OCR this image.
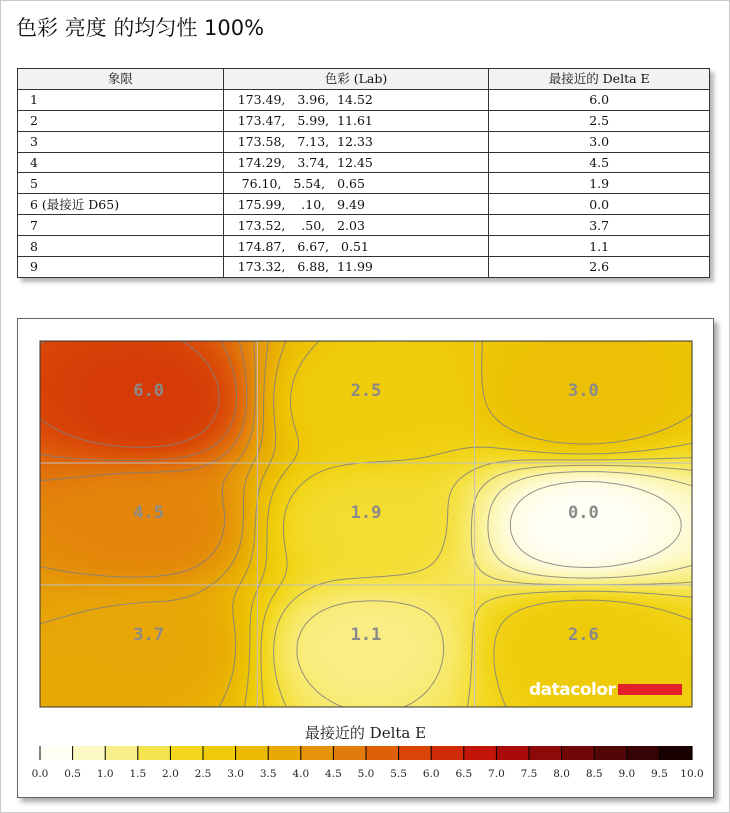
色彩 亮度 的均匀性 100%
象限	色彩 (Lab)	最接近的 Delta E
1	173.49,   3.96,  14.52	6.0
2	173.47,   5.99,  11.61	2.5
3	173.58,   7.13,  12.33	3.0
4	174.29,   3.74,  12.45	4.5
5	76.10,   5.54,   0.65	1.9
6 (最接近 D65)	175.99,    .10,   9.49	0.0
7	173.52,    .50,   2.03	3.7
8	174.87,   6.67,   0.51	1.1
9	173.32,   6.88,  11.99	2.6
6.0	2.5	3.0
4.5	1.9	0.0
3.7	1.1	2.6
datacolor
0.0 0.5 1.0 1.5 2.0 2.5 3.0 3.5 4.0 4.5 5.0 5.5 6.0 6.5 7.0 7.5 8.0 8.5 9.0 9.5 10.0
最接近的 Delta E
